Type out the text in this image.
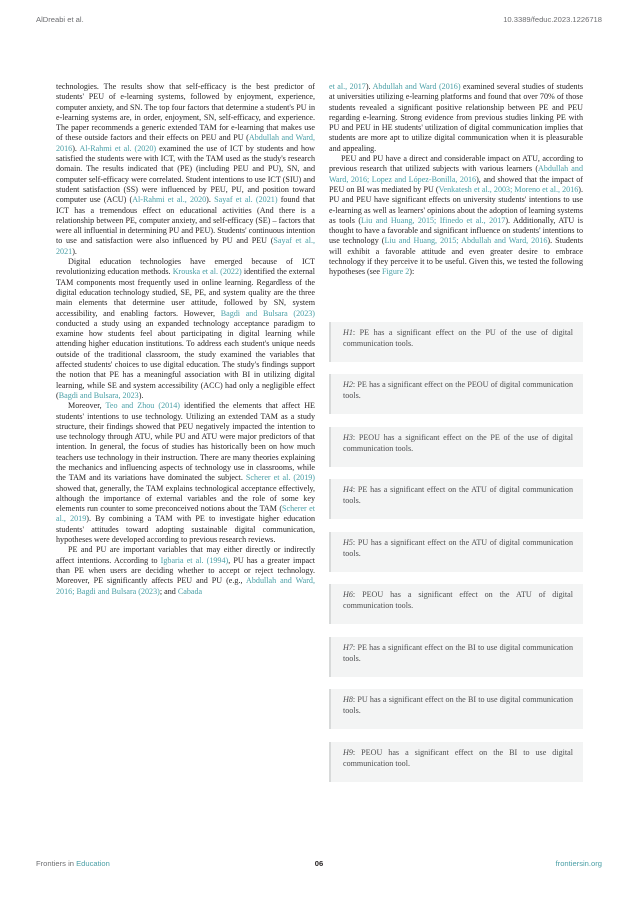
AlDreabi et al.	10.3389/feduc.2023.1226718

technologies. The results show that self-efficacy is the best predictor of students' PEU of e-learning systems, followed by enjoyment, experience, computer anxiety, and SN. The top four factors that determine a student's PU in e-learning systems are, in order, enjoyment, SN, self-efficacy, and experience. The paper recommends a generic extended TAM for e-learning that makes use of these outside factors and their effects on PEU and PU (Abdullah and Ward, 2016). Al-Rahmi et al. (2020) examined the use of ICT by students and how satisfied the students were with ICT, with the TAM used as the study's research domain. The results indicated that (PE) (including PEU and PU), SN, and computer self-efficacy were correlated. Student intentions to use ICT (SIU) and student satisfaction (SS) were influenced by PEU, PU, and position toward computer use (ACU) (Al-Rahmi et al., 2020). Sayaf et al. (2021) found that ICT has a tremendous effect on educational activities (And there is a relationship between PE, computer anxiety, and self-efficacy (SE) – factors that were all influential in determining PU and PEU). Students' continuous intention to use and satisfaction were also influenced by PU and PEU (Sayaf et al., 2021).

Digital education technologies have emerged because of ICT revolutionizing education methods. Krouska et al. (2022) identified the external TAM components most frequently used in online learning. Regardless of the digital education technology studied, SE, PE, and system quality are the three main elements that determine user attitude, followed by SN, system accessibility, and enabling factors. However, Bagdi and Bulsara (2023) conducted a study using an expanded technology acceptance paradigm to examine how students feel about participating in digital learning while attending higher education institutions. To address each student's unique needs outside of the traditional classroom, the study examined the variables that affected students' choices to use digital education. The study's findings support the notion that PE has a meaningful association with BI in utilizing digital learning, while SE and system accessibility (ACC) had only a negligible effect (Bagdi and Bulsara, 2023).

Moreover, Teo and Zhou (2014) identified the elements that affect HE students' intentions to use technology. Utilizing an extended TAM as a study structure, their findings showed that PEU negatively impacted the intention to use technology through ATU, while PU and ATU were major predictors of that intention. In general, the focus of studies has historically been on how much teachers use technology in their instruction. There are many theories explaining the mechanics and influencing aspects of technology use in classrooms, while the TAM and its variations have dominated the subject. Scherer et al. (2019) showed that, generally, the TAM explains technological acceptance effectively, although the importance of external variables and the role of some key elements run counter to some preconceived notions about the TAM (Scherer et al., 2019). By combining a TAM with PE to investigate higher education students' attitudes toward adopting sustainable digital communication, hypotheses were developed according to previous research reviews.

PE and PU are important variables that may either directly or indirectly affect intentions. According to Igbaria et al. (1994), PU has a greater impact than PE when users are deciding whether to accept or reject technology. Moreover, PE significantly affects PEU and PU (e.g., Abdullah and Ward, 2016; Bagdi and Bulsara (2023); and Cabada

et al., 2017). Abdullah and Ward (2016) examined several studies of students at universities utilizing e-learning platforms and found that over 70% of those students revealed a significant positive relationship between PE and PEU regarding e-learning. Strong evidence from previous studies linking PE with PU and PEU in HE students' utilization of digital communication implies that students are more apt to utilize digital communication when it is pleasurable and appealing.

PEU and PU have a direct and considerable impact on ATU, according to previous research that utilized subjects with various learners (Abdullah and Ward, 2016; Lopez and López-Bonilla, 2016), and showed that the impact of PEU on BI was mediated by PU (Venkatesh et al., 2003; Moreno et al., 2016). PU and PEU have significant effects on university students' intentions to use e-learning as well as learners' opinions about the adoption of learning systems as tools (Liu and Huang, 2015; Ifinedo et al., 2017). Additionally, ATU is thought to have a favorable and significant influence on students' intentions to use technology (Liu and Huang, 2015; Abdullah and Ward, 2016). Students will exhibit a favorable attitude and even greater desire to embrace technology if they perceive it to be useful. Given this, we tested the following hypotheses (see Figure 2):

H1: PE has a significant effect on the PU of the use of digital communication tools.
H2: PE has a significant effect on the PEOU of digital communication tools.
H3: PEOU has a significant effect on the PE of the use of digital communication tools.
H4: PE has a significant effect on the ATU of digital communication tools.
H5: PU has a significant effect on the ATU of digital communication tools.
H6: PEOU has a significant effect on the ATU of digital communication tools.
H7: PE has a significant effect on the BI to use digital communication tools.
H8: PU has a significant effect on the BI to use digital communication tools.
H9: PEOU has a significant effect on the BI to use digital communication tool.
Frontiers in Education	06	frontiersin.org
